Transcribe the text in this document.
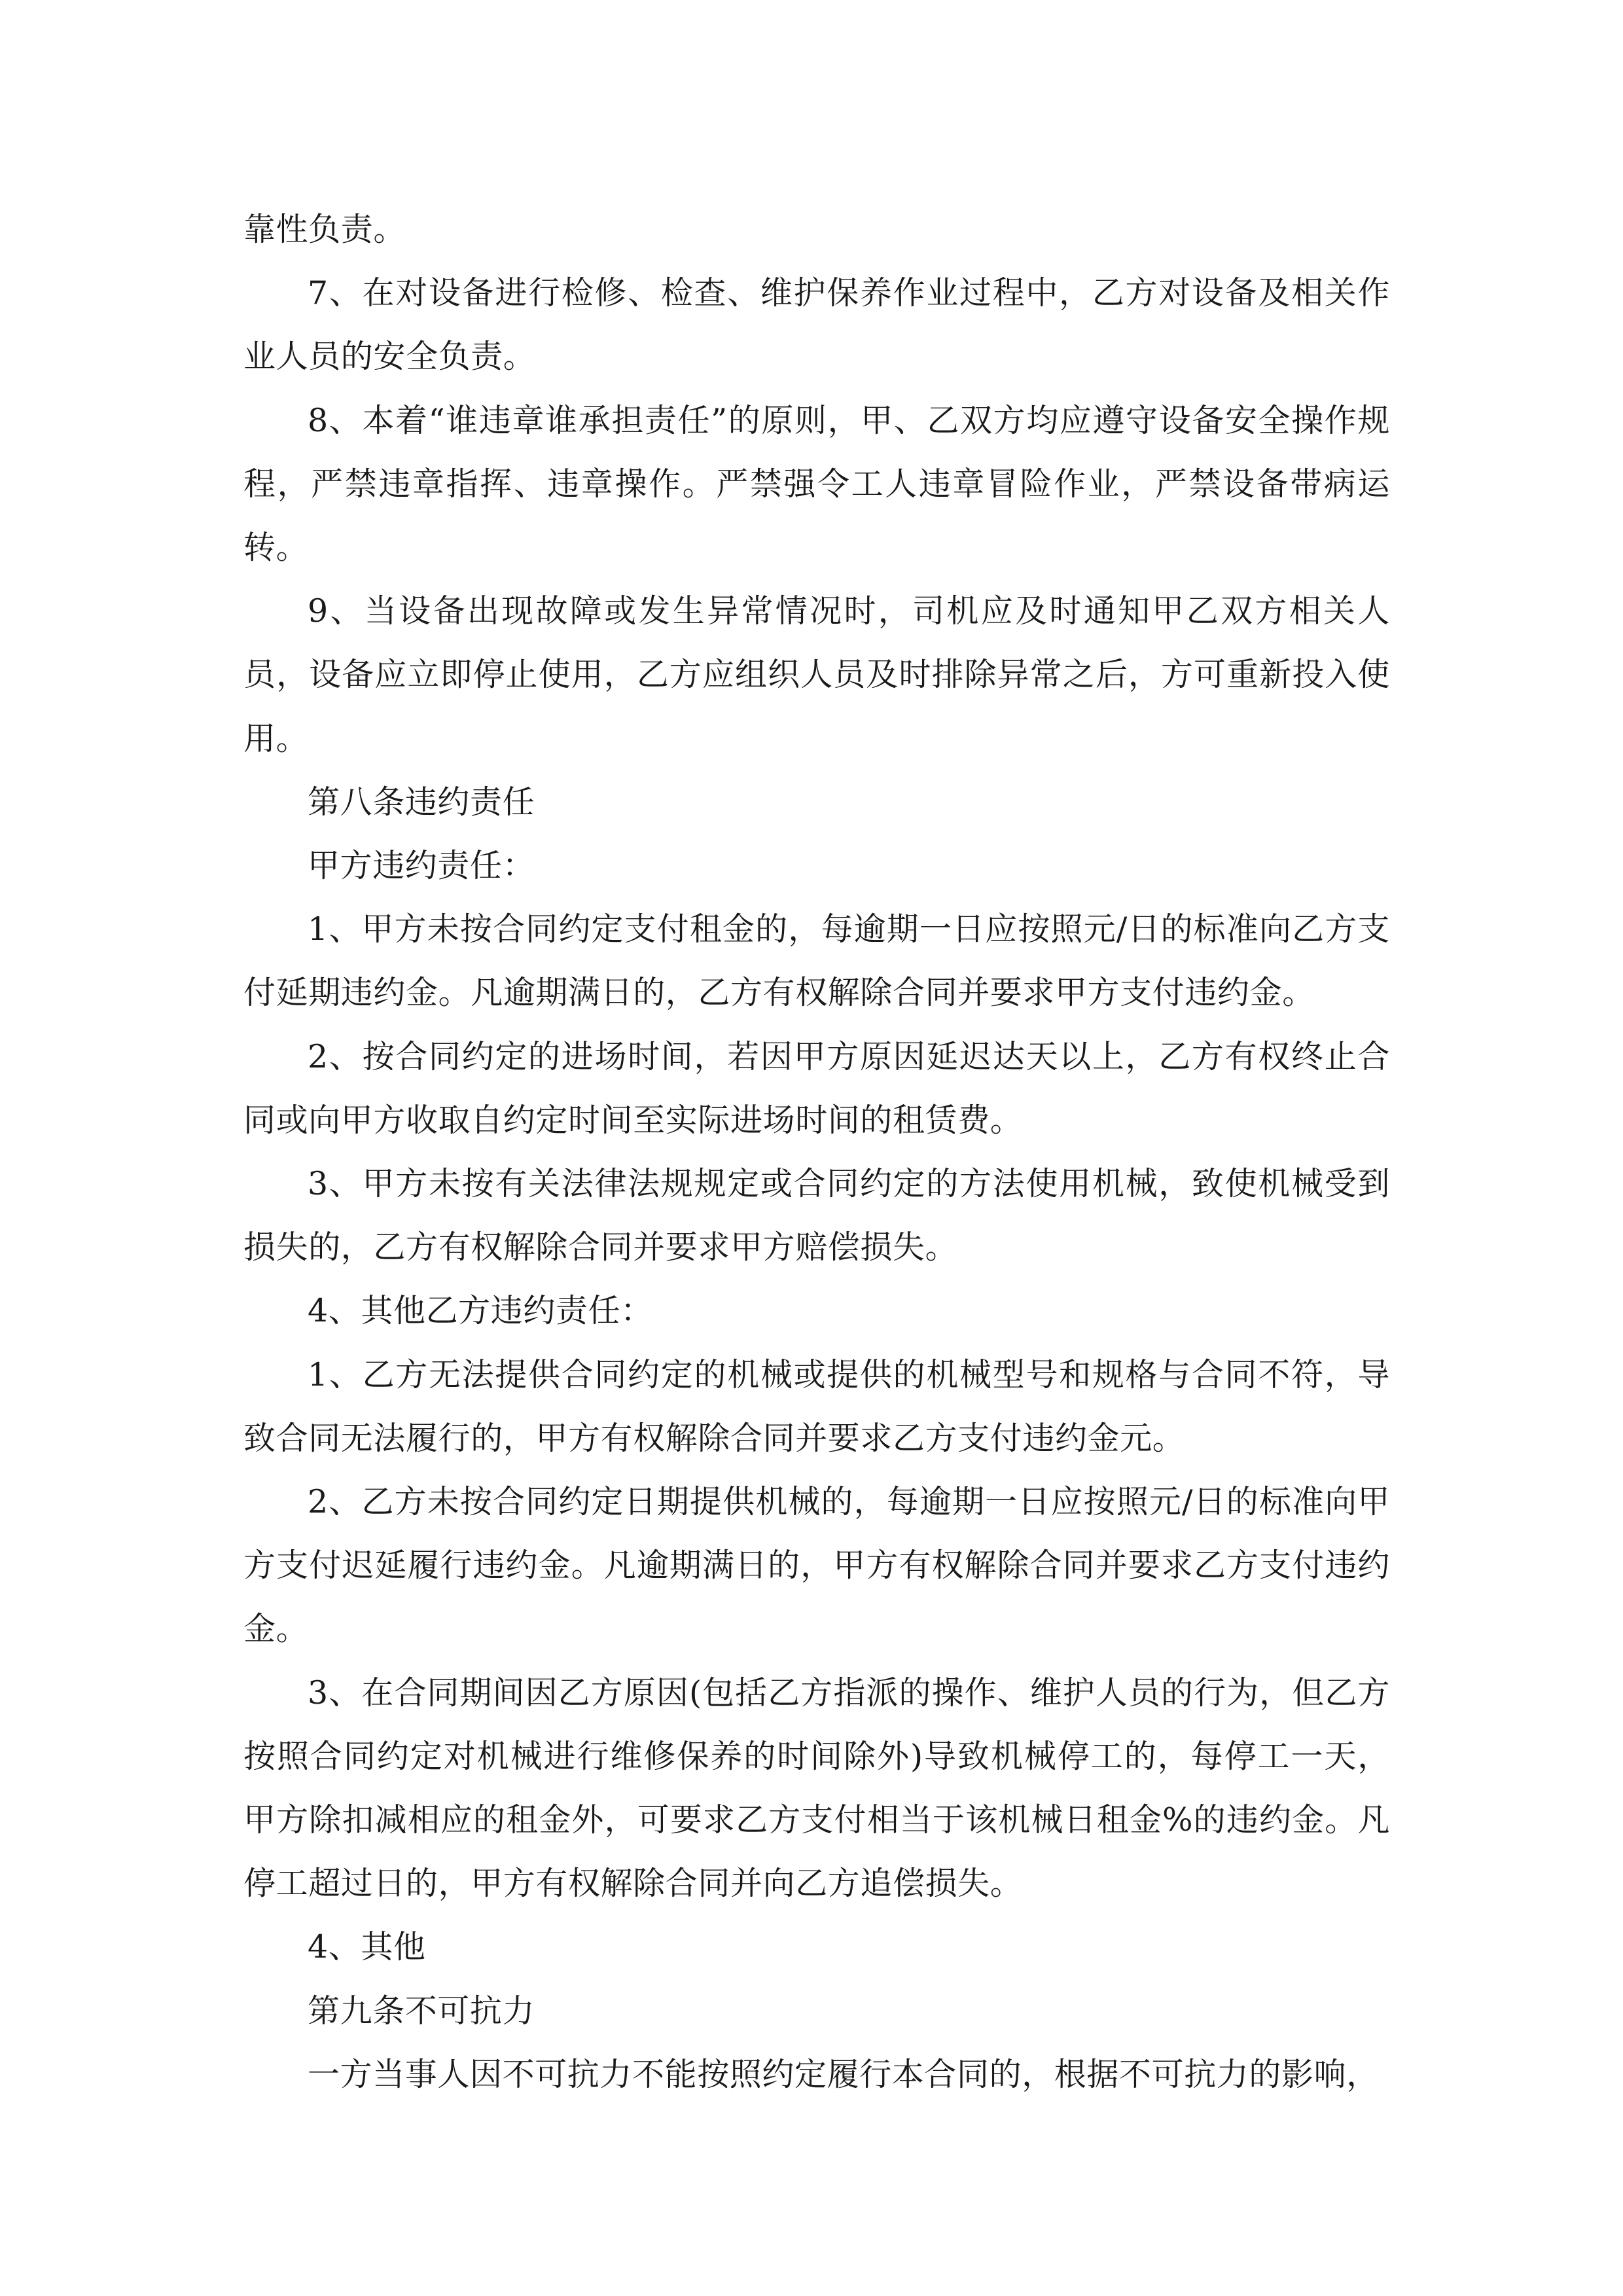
靠性负责。

7、在对设备进行检修、检查、维护保养作业过程中，乙方对设备及相关作业人员的安全负责。

8、本着“谁违章谁承担责任”的原则，甲、乙双方均应遵守设备安全操作规程，严禁违章指挥、违章操作。严禁强令工人违章冒险作业，严禁设备带病运转。

9、当设备出现故障或发生异常情况时，司机应及时通知甲乙双方相关人员，设备应立即停止使用，乙方应组织人员及时排除异常之后，方可重新投入使用。

第八条违约责任

甲方违约责任：

1、甲方未按合同约定支付租金的，每逾期一日应按照元/日的标准向乙方支付延期违约金。凡逾期满日的，乙方有权解除合同并要求甲方支付违约金。

2、按合同约定的进场时间，若因甲方原因延迟达天以上，乙方有权终止合同或向甲方收取自约定时间至实际进场时间的租赁费。

3、甲方未按有关法律法规规定或合同约定的方法使用机械，致使机械受到损失的，乙方有权解除合同并要求甲方赔偿损失。

4、其他乙方违约责任：

1、乙方无法提供合同约定的机械或提供的机械型号和规格与合同不符，导致合同无法履行的，甲方有权解除合同并要求乙方支付违约金元。

2、乙方未按合同约定日期提供机械的，每逾期一日应按照元/日的标准向甲方支付迟延履行违约金。凡逾期满日的，甲方有权解除合同并要求乙方支付违约金。

3、在合同期间因乙方原因(包括乙方指派的操作、维护人员的行为，但乙方按照合同约定对机械进行维修保养的时间除外)导致机械停工的，每停工一天，甲方除扣减相应的租金外，可要求乙方支付相当于该机械日租金%的违约金。凡停工超过日的，甲方有权解除合同并向乙方追偿损失。

4、其他

第九条不可抗力

一方当事人因不可抗力不能按照约定履行本合同的，根据不可抗力的影响，
